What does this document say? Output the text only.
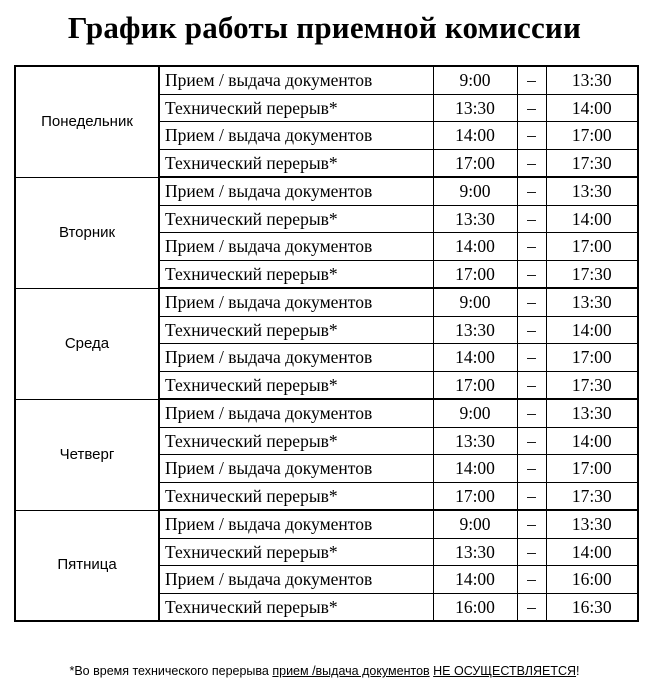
График работы приемной комиссии
Понедельник	Прием / выдача документов	9:00	–	13:30
	Технический перерыв*	13:30	–	14:00
	Прием / выдача документов	14:00	–	17:00
	Технический перерыв*	17:00	–	17:30
Вторник	Прием / выдача документов	9:00	–	13:30
	Технический перерыв*	13:30	–	14:00
	Прием / выдача документов	14:00	–	17:00
	Технический перерыв*	17:00	–	17:30
Среда	Прием / выдача документов	9:00	–	13:30
	Технический перерыв*	13:30	–	14:00
	Прием / выдача документов	14:00	–	17:00
	Технический перерыв*	17:00	–	17:30
Четверг	Прием / выдача документов	9:00	–	13:30
	Технический перерыв*	13:30	–	14:00
	Прием / выдача документов	14:00	–	17:00
	Технический перерыв*	17:00	–	17:30
Пятница	Прием / выдача документов	9:00	–	13:30
	Технический перерыв*	13:30	–	14:00
	Прием / выдача документов	14:00	–	16:00
	Технический перерыв*	16:00	–	16:30

*Во время технического перерыва прием /выдача документов НЕ ОСУЩЕСТВЛЯЕТСЯ!
